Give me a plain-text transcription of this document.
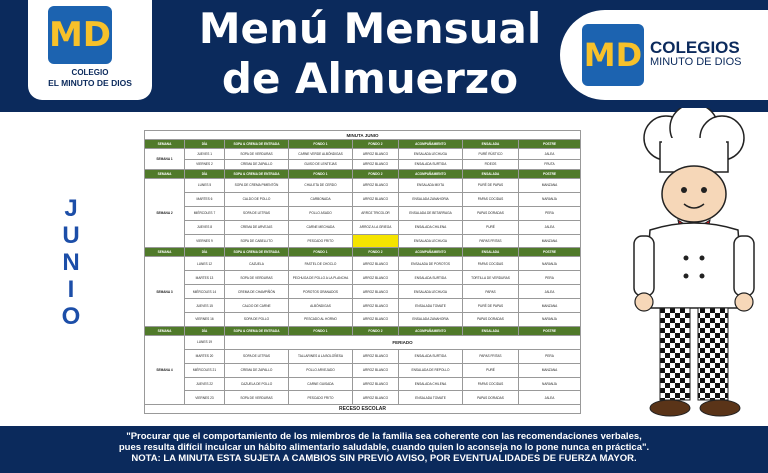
MD
COLEGIO
EL MINUTO DE DIOS
Menú Mensual
de Almuerzo	MD COLEGIOS
MINUTO DE DIOS
J
U
N
I
O
MINUTA JUNIO								
SEMANA	DÍA	SOPA & CREMA DE ENTRADA	FONDO 1	FONDO 2	ACOMPAÑAMIENTO	ENSALADA	POSTRE	
SEMANA 1	JUEVES 1	SOPA DE VERDURAS	CARNE VERDE ALBÓNDIGAS	ARROZ BLANCO	ENSALADA LECHUGA	PURÉ RÚSTICO	JALEA	
	VIERNES 2	CREMA DE ZAPALLO	GUISO DE LENTEJAS	ARROZ BLANCO	ENSALADA SURTIDA	FIDEOS	FRUTA	
SEMANA	DÍA	SOPA & CREMA DE ENTRADA	FONDO 1	FONDO 2	ACOMPAÑAMIENTO	ENSALADA	POSTRE	
SEMANA 2	LUNES 5	SOPA DE CREMA PIMENTÓN	CHULETA DE CERDO	ARROZ BLANCO	ENSALADA MIXTA	PURÉ DE PAPAS	MANZANA	
	MARTES 6	CALDO DE POLLO	CARBONADA	ARROZ BLANCO	ENSALADA ZANAHORIA	PAPAS COCIDAS	NARANJA	
	MIÉRCOLES 7	SOPA DE LETRAS	POLLO ASADO	ARROZ TRICOLOR	ENSALADA DE BETARRAGA	PAPAS DORADAS	PERA	
	JUEVES 8	CREMA DE ARVEJAS	CARNE MECHADA	ARROZ A LA GRIEGA	ENSALADA CHILENA	PURÉ	JALEA	
	VIERNES 9	SOPA DE CABELLITO	PESCADO FRITO		ENSALADA LECHUGA	PAPAS FRITAS	MANZANA	
SEMANA	DÍA	SOPA & CREMA DE ENTRADA	FONDO 1	FONDO 2	ACOMPAÑAMIENTO	ENSALADA	POSTRE	
SEMANA 3	LUNES 12	CAZUELA	PASTEL DE CHOCLO	ARROZ BLANCO	ENSALADA DE POROTOS	PAPAS COCIDAS	NARANJA	
	MARTES 13	SOPA DE VERDURAS	PECHUGA DE POLLO A LA PLANCHA	ARROZ BLANCO	ENSALADA SURTIDA	TORTILLA DE VERDURAS	PERA	
	MIÉRCOLES 14	CREMA DE CHAMPIÑÓN	POROTOS GRANADOS	ARROZ BLANCO	ENSALADA LECHUGA	PAPAS	JALEA	
	JUEVES 15	CALDO DE CARNE	ALBÓNDIGAS	ARROZ BLANCO	ENSALADA TOMATE	PURÉ DE PAPAS	MANZANA	
	VIERNES 16	SOPA DE POLLO	PESCADO AL HORNO	ARROZ BLANCO	ENSALADA ZANAHORIA	PAPAS DORADAS	NARANJA	
SEMANA	DÍA	SOPA & CREMA DE ENTRADA	FONDO 1	FONDO 2	ACOMPAÑAMIENTO	ENSALADA	POSTRE	
SEMANA 4	LUNES 19	FERIADO						
	MARTES 20	SOPA DE LETRAS	TALLARINES A LA BOLOÑESA	ARROZ BLANCO	ENSALADA SURTIDA	PAPAS FRITAS	PERA	
	MIÉRCOLES 21	CREMA DE ZAPALLO	POLLO ARVEJADO	ARROZ BLANCO	ENSALADA DE REPOLLO	PURÉ	MANZANA	
	JUEVES 22	CAZUELA DE POLLO	CARNE GUISADA	ARROZ BLANCO	ENSALADA CHILENA	PAPAS COCIDAS	NARANJA	
	VIERNES 23	SOPA DE VERDURAS	PESCADO FRITO	ARROZ BLANCO	ENSALADA TOMATE	PAPAS DORADAS	JALEA	
RECESO ESCOLAR								
"Procurar que el comportamiento de los miembros de la familia sea coherente con las recomendaciones verbales,
pues resulta difícil inculcar un hábito alimentario saludable, cuando quien lo aconseja no lo pone nunca en práctica".
NOTA: LA MINUTA ESTA SUJETA A CAMBIOS SIN PREVIO AVISO, POR EVENTUALIDADES DE FUERZA MAYOR.
